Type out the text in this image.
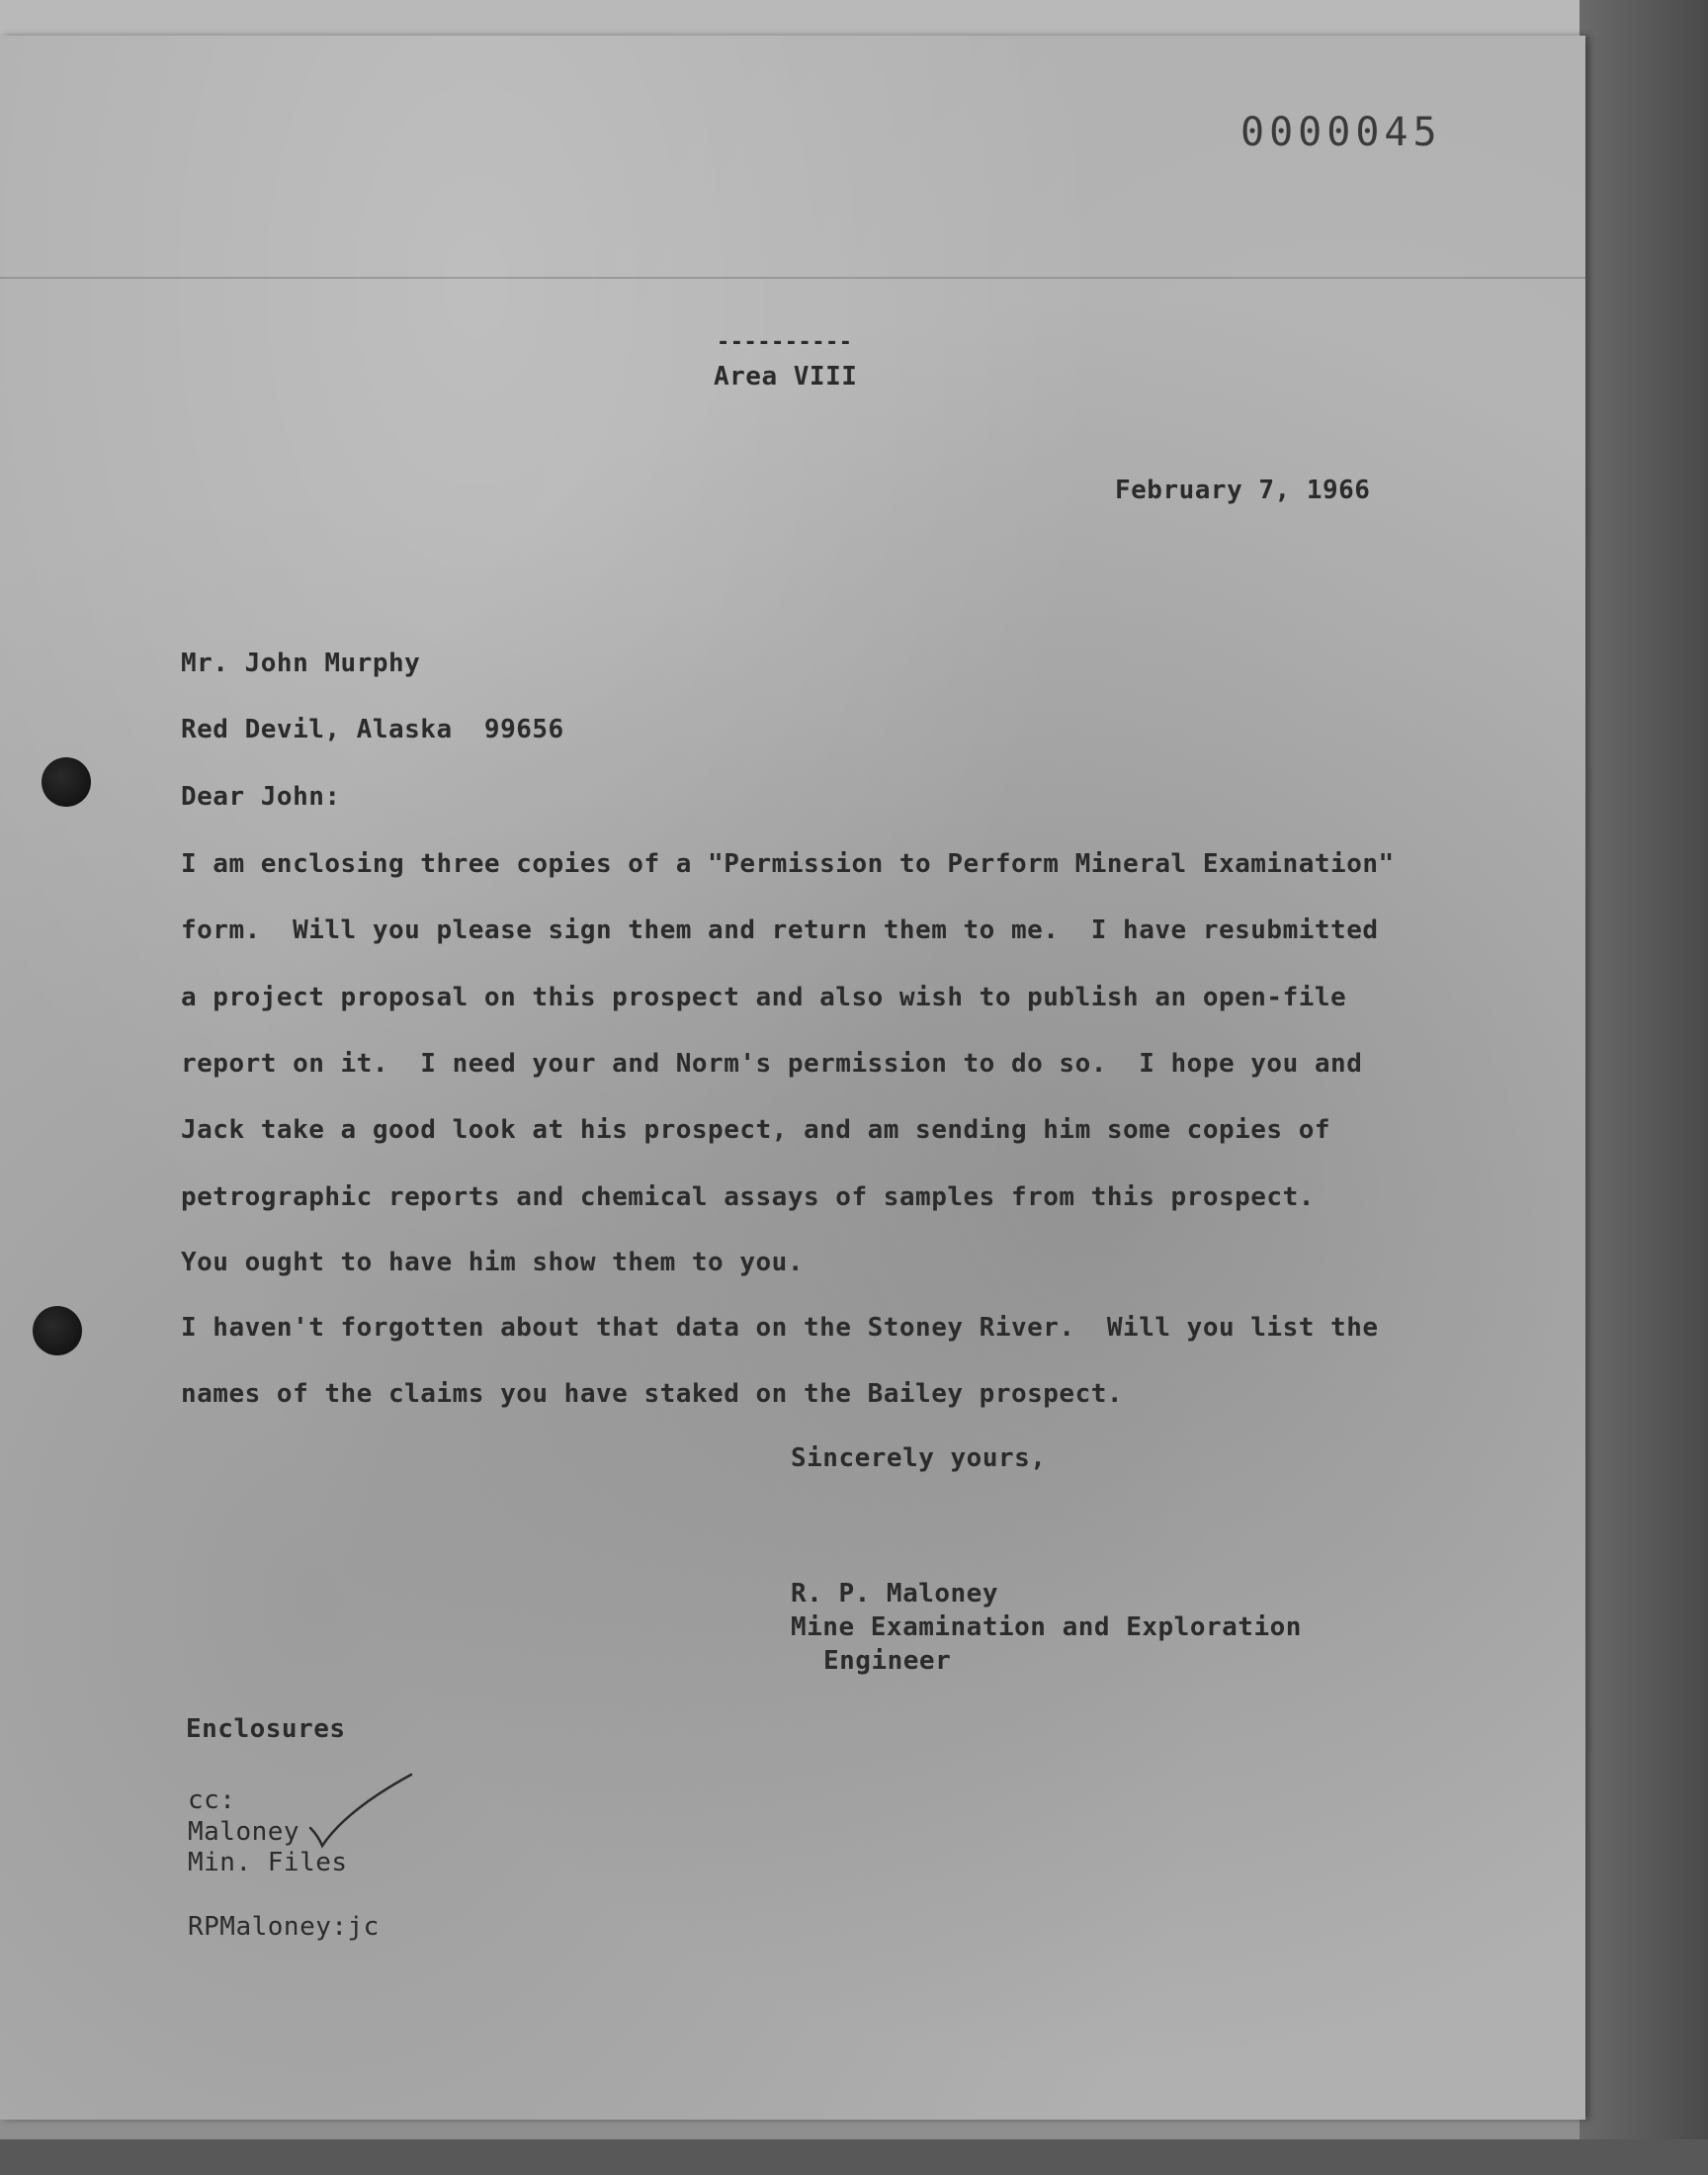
0000045
----------
Area VIII
February 7, 1966
Mr. John Murphy
Red Devil, Alaska  99656
Dear John:
I am enclosing three copies of a "Permission to Perform Mineral Examination"
form.  Will you please sign them and return them to me.  I have resubmitted
a project proposal on this prospect and also wish to publish an open-file
report on it.  I need your and Norm's permission to do so.  I hope you and
Jack take a good look at his prospect, and am sending him some copies of
petrographic reports and chemical assays of samples from this prospect.
You ought to have him show them to you.
I haven't forgotten about that data on the Stoney River.  Will you list the
names of the claims you have staked on the Bailey prospect.
Sincerely yours,
R. P. Maloney
Mine Examination and Exploration
Engineer
Enclosures
cc:
Maloney
Min. Files
RPMaloney:jc
